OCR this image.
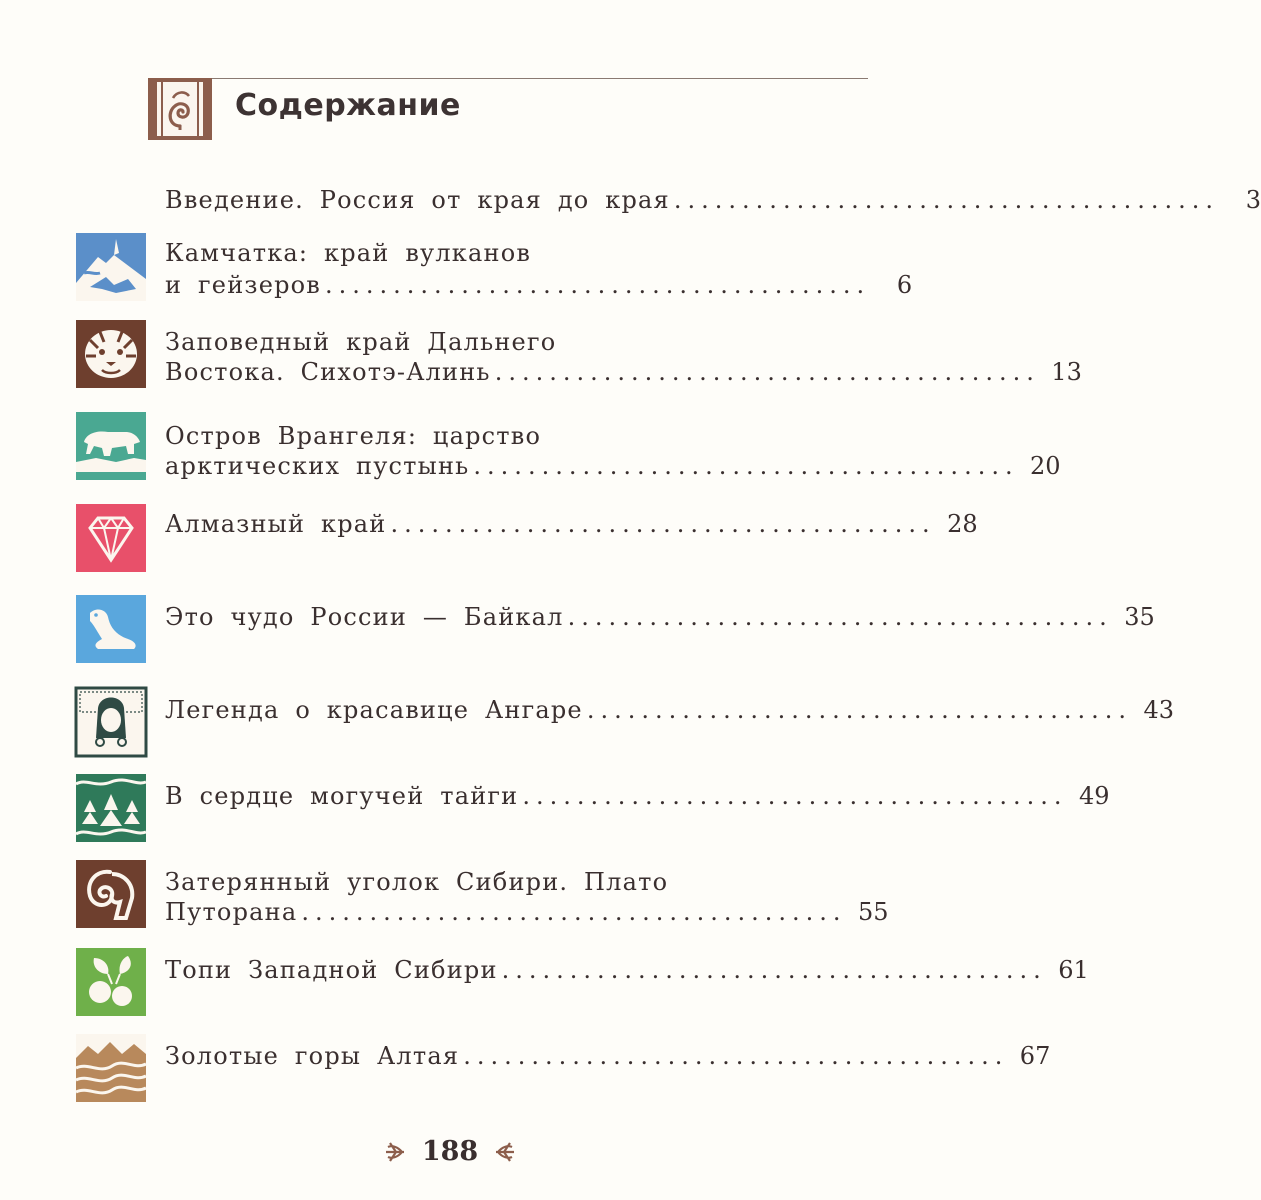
Содержание
Введение. Россия от края до края ........................................	3
Камчатка: край вулканов
и гейзеров ........................................	6
Заповедный край Дальнего
Востока. Сихотэ-Алинь ........................................ 13
Остров Врангеля: царство
арктических пустынь ........................................ 20
Алмазный край ........................................ 28
Это чудо России — Байкал ........................................ 35
Легенда о красавице Ангаре ........................................ 43
В сердце могучей тайги ........................................ 49
Затерянный уголок Сибири. Плато
Путорана ........................................ 55
Топи Западной Сибири ........................................ 61
Золотые горы Алтая ........................................ 67
188
